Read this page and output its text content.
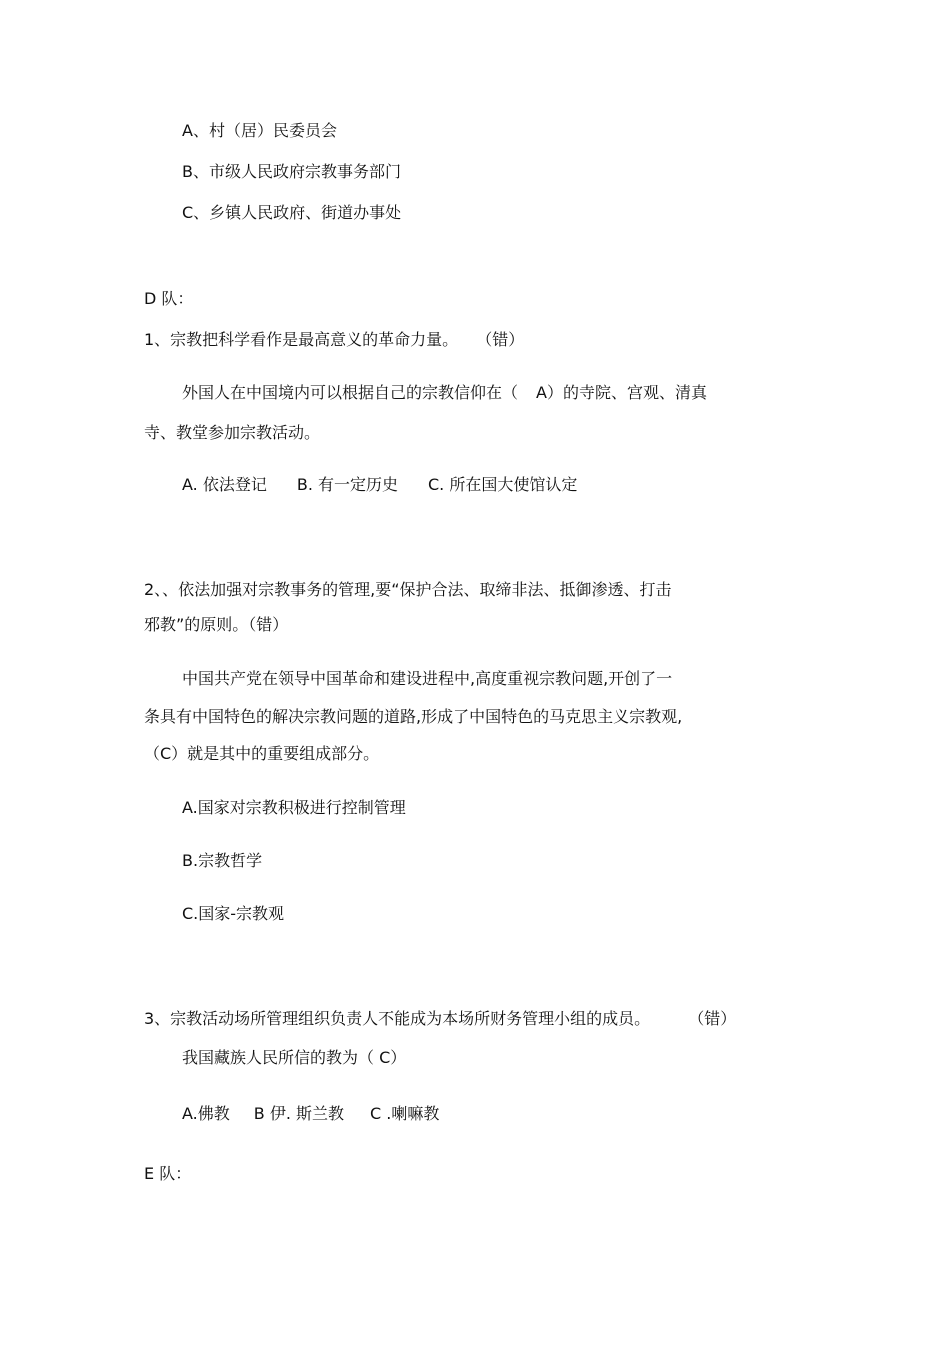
A、村（居）民委员会
B、市级人民政府宗教事务部门
C、乡镇人民政府、街道办事处
D 队：
1、宗教把科学看作是最高意义的革命力量。 （错）
外国人在中国境内可以根据自己的宗教信仰在（ A）的寺院、宫观、清真
寺、教堂参加宗教活动。
A. 依法登记 B. 有一定历史 C. 所在国大使馆认定
2、、依法加强对宗教事务的管理,要“保护合法、取缔非法、抵御渗透、打击
邪教”的原则。（错）
中国共产党在领导中国革命和建设进程中,高度重视宗教问题,开创了一
条具有中国特色的解决宗教问题的道路,形成了中国特色的马克思主义宗教观,
（C）就是其中的重要组成部分。
A.国家对宗教积极进行控制管理
B.宗教哲学
C.国家-宗教观
3、宗教活动场所管理组织负责人不能成为本场所财务管理小组的成员。 （错）
我国藏族人民所信的教为（ C）
A.佛教 B 伊. 斯兰教 C .喇嘛教
E 队：
